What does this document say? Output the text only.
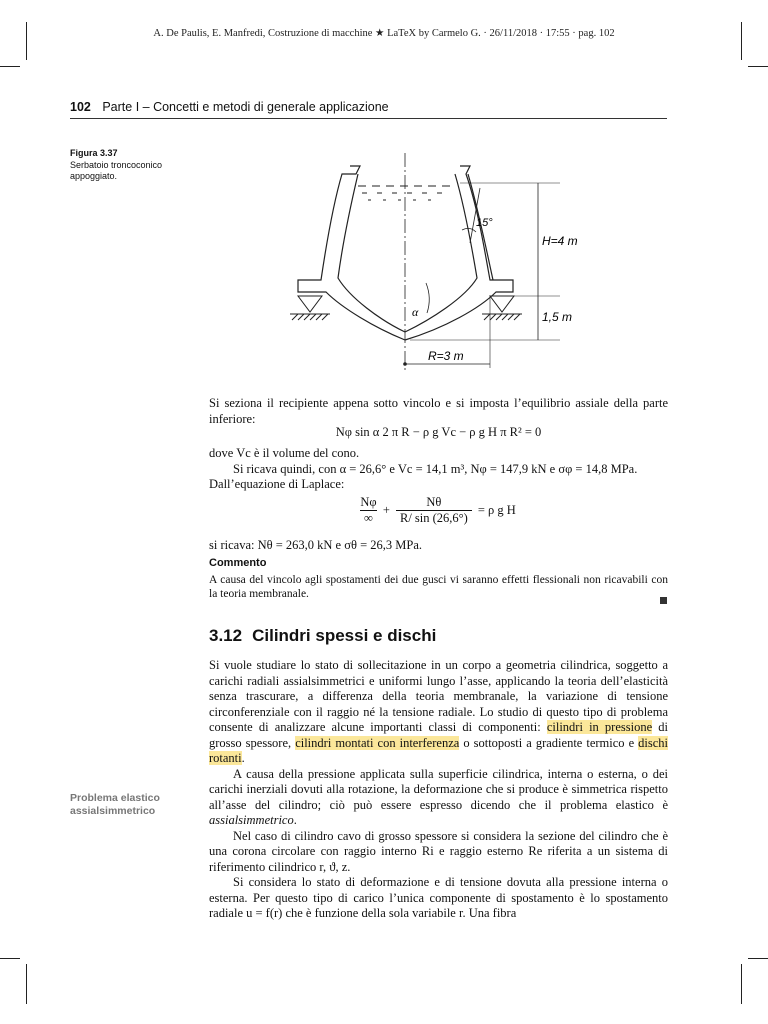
A. De Paulis, E. Manfredi, Costruzione di macchine ★ LaTeX by Carmelo G. · 26/11/2018 · 17:55 · pag. 102
102 Parte I – Concetti e metodi di generale applicazione
Figura 3.37
Serbatoio troncoconico appoggiato.
15°
α
H=4 m
1,5 m
R=3 m

Si seziona il recipiente appena sotto vincolo e si imposta l’equilibrio assiale della parte inferiore:

Nφ sin α 2 π R − ρ g Vc − ρ g H π R² = 0

dove Vc è il volume del cono.

Si ricava quindi, con α = 26,6° e Vc = 14,1 m³, Nφ = 147,9 kN e σφ = 14,8 MPa.

Dall’equazione di Laplace:

Nφ
∞
+ $\frac{N\theta}{R/ \sin (26,6^\circ)} = \rho$ g H

si ricava: Nθ = 263,0 kN e σθ = 26,3 MPa.

Commento

A causa del vincolo agli spostamenti dei due gusci vi saranno effetti flessionali non ricavabili con la teoria membranale.

3.12 Cilindri spessi e dischi

Si vuole studiare lo stato di sollecitazione in un corpo a geometria cilindrica, soggetto a carichi radiali assialsimmetrici e uniformi lungo l’asse, applicando la teoria dell’elasticità senza trascurare, a differenza della teoria membranale, la variazione di tensione circonferenziale con il raggio né la tensione radiale. Lo studio di questo tipo di problema consente di analizzare alcune importanti classi di componenti: cilindri in pressione di grosso spessore, cilindri montati con interferenza o sottoposti a gradiente termico e dischi rotanti.

A causa della pressione applicata sulla superficie cilindrica, interna o esterna, o dei carichi inerziali dovuti alla rotazione, la deformazione che si produce è simmetrica rispetto all’asse del cilindro; ciò può essere espresso dicendo che il problema elastico è assialsimmetrico.

Nel caso di cilindro cavo di grosso spessore si considera la sezione del cilindro che è una corona circolare con raggio interno Ri e raggio esterno Re riferita a un sistema di riferimento cilindrico r, ϑ, z.

Si considera lo stato di deformazione e di tensione dovuta alla pressione interna o esterna. Per questo tipo di carico l’unica componente di spostamento è lo spostamento radiale u = f(r) che è funzione della sola variabile r. Una fibra

Problema elastico assialsimmetrico
